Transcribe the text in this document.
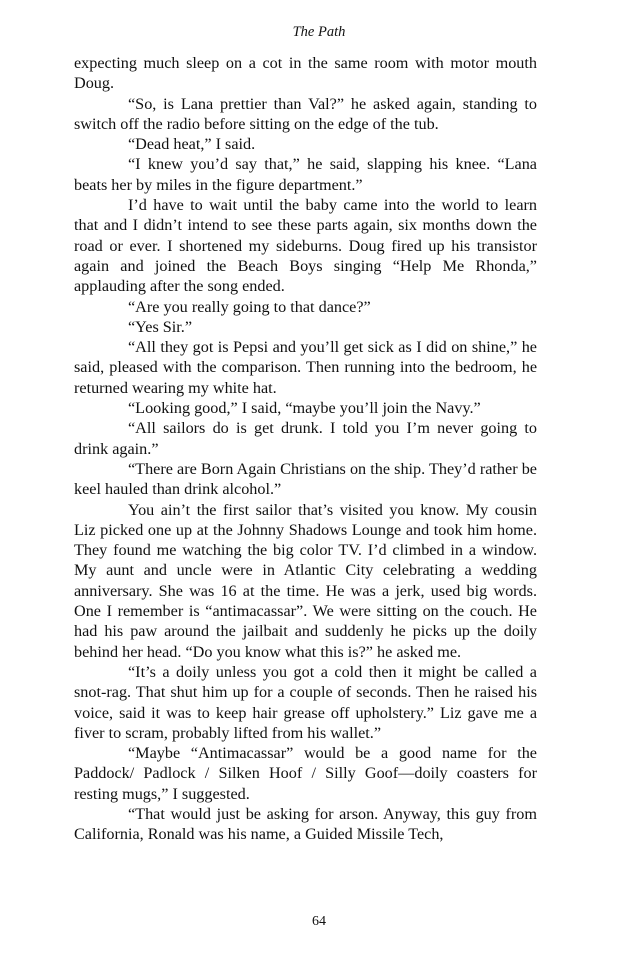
The Path

expecting much sleep on a cot in the same room with motor mouth Doug.

“So, is Lana prettier than Val?” he asked again, standing to switch off the radio before sitting on the edge of the tub.

“Dead heat,” I said.

“I knew you’d say that,” he said, slapping his knee. “Lana beats her by miles in the figure department.”

I’d have to wait until the baby came into the world to learn that and I didn’t intend to see these parts again, six months down the road or ever. I shortened my sideburns. Doug fired up his transistor again and joined the Beach Boys singing “Help Me Rhonda,” applauding after the song ended.

“Are you really going to that dance?”

“Yes Sir.”

“All they got is Pepsi and you’ll get sick as I did on shine,” he said, pleased with the comparison. Then running into the bedroom, he returned wearing my white hat.

“Looking good,” I said, “maybe you’ll join the Navy.”

“All sailors do is get drunk. I told you I’m never going to drink again.”

“There are Born Again Christians on the ship. They’d rather be keel hauled than drink alcohol.”

You ain’t the first sailor that’s visited you know. My cousin Liz picked one up at the Johnny Shadows Lounge and took him home. They found me watching the big color TV. I’d climbed in a window. My aunt and uncle were in Atlantic City celebrating a wedding anniversary. She was 16 at the time. He was a jerk, used big words. One I remember is “antimacassar”. We were sitting on the couch. He had his paw around the jailbait and suddenly he picks up the doily behind her head. “Do you know what this is?” he asked me.

“It’s a doily unless you got a cold then it might be called a snot-rag. That shut him up for a couple of seconds. Then he raised his voice, said it was to keep hair grease off upholstery.” Liz gave me a fiver to scram, probably lifted from his wallet.”

“Maybe “Antimacassar” would be a good name for the Paddock/ Padlock / Silken Hoof / Silly Goof—doily coasters for resting mugs,” I suggested.

“That would just be asking for arson. Anyway, this guy from California, Ronald was his name, a Guided Missile Tech,

64
